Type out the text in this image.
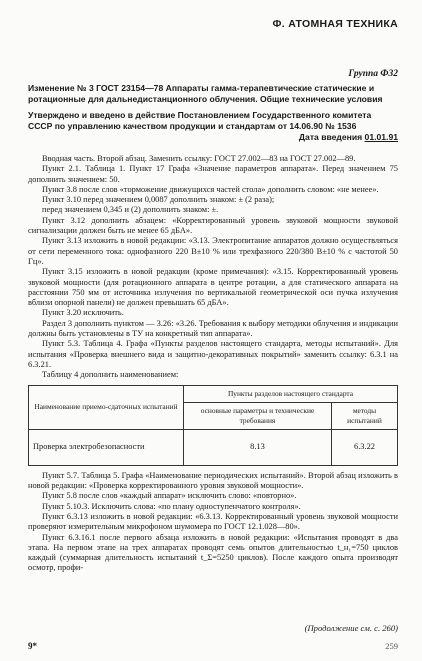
Ф. АТОМНАЯ ТЕХНИКА
Группа Ф32

Изменение № 3 ГОСТ 23154—78 Аппараты гамма-терапевтические статические и ротационные для дальнедистанционного облучения. Общие технические условия

Утверждено и введено в действие Постановлением Государственного комитета
СССР по управлению качеством продукции и стандартам от 14.06.90 № 1536
Дата введения 01.01.91

Вводная часть. Второй абзац. Заменить ссылку: ГОСТ 27.002—83 на ГОСТ 27.002—89.

Пункт 2.1. Таблица 1. Пункт 17 Графа «Значение параметров аппарата». Перед значением 75 дополнить значением: 50.

Пункт 3.8 после слов «торможение движущихся частей стола» дополнить словом: «не менее».

Пункт 3.10 перед значением 0,0087 дополнить знаком: ± (2 раза);

перед значением 0,345 и (2) дополнить знаком: ±.

Пункт 3.12 дополнить абзацем: «Корректированный уровень звуковой мощности звуковой сигнализации должен быть не менее 65 дБА».

Пункт 3.13 изложить в новой редакции: «3.13. Электропитание аппаратов должно осуществляться от сети переменного тока: однофазного 220 В±10 % или трехфазного 220/380 В±10 % с частотой 50 Гц».

Пункт 3.15 изложить в новой редакции (кроме примечания): «3.15. Корректированный уровень звуковой мощности (для ротационного аппарата в центре ротации, а для статического аппарата на расстоянии 750 мм от источника излучения по вертикальной геометрической оси пучка излучения вблизи опорной панели) не должен превышать 65 дБА».

Пункт 3.20 исключить.

Раздел 3 дополнить пунктом — 3.26: «3.26. Требования к выбору методики облучения и индикации должны быть установлены в ТУ на конкретный тип аппарата».

Пункт 5.3. Таблица 4. Графа «Пункты разделов настоящего стандарта, методы испытаний». Для испытания «Проверка внешнего вида и защитно-декоративных покрытий» заменить ссылку: 6.3.1 на 6.3.21.

Таблицу 4 дополнить наименованием:

Наименование приемо-сдаточных испытаний	Пункты разделов настоящего стандарта	
	основные параметры и технические требования	методы испытаний
Проверка электробезопасности	8.13	6.3.22

Пункт 5.7. Таблица 5. Графа «Наименование периодических испытаний». Второй абзац изложить в новой редакции: «Проверка корректированного уровня звуковой мощности».

Пункт 5.8 после слов «каждый аппарат» исключить слово: «повторно».

Пункт 5.10.3. Исключить слова: «по плану одноступенчатого контроля».

Пункт 6.3.13 изложить в новой редакции: «6.3.13. Корректированный уровень звуковой мощности проверяют измерительным микрофоном шумомера по ГОСТ 12.1.028—80».

Пункт 6.3.16.1 после первого абзаца изложить в новой редакции: «Испытания проводят в два этапа. На первом этапе на трех аппаратах проводят семь опытов длительностью t_н₁=750 циклов каждый (суммарная длительность испытаний t_Σ=5250 циклов). После каждого опыта производят осмотр, профи-

(Продолжение см. с. 260)
9*	259
